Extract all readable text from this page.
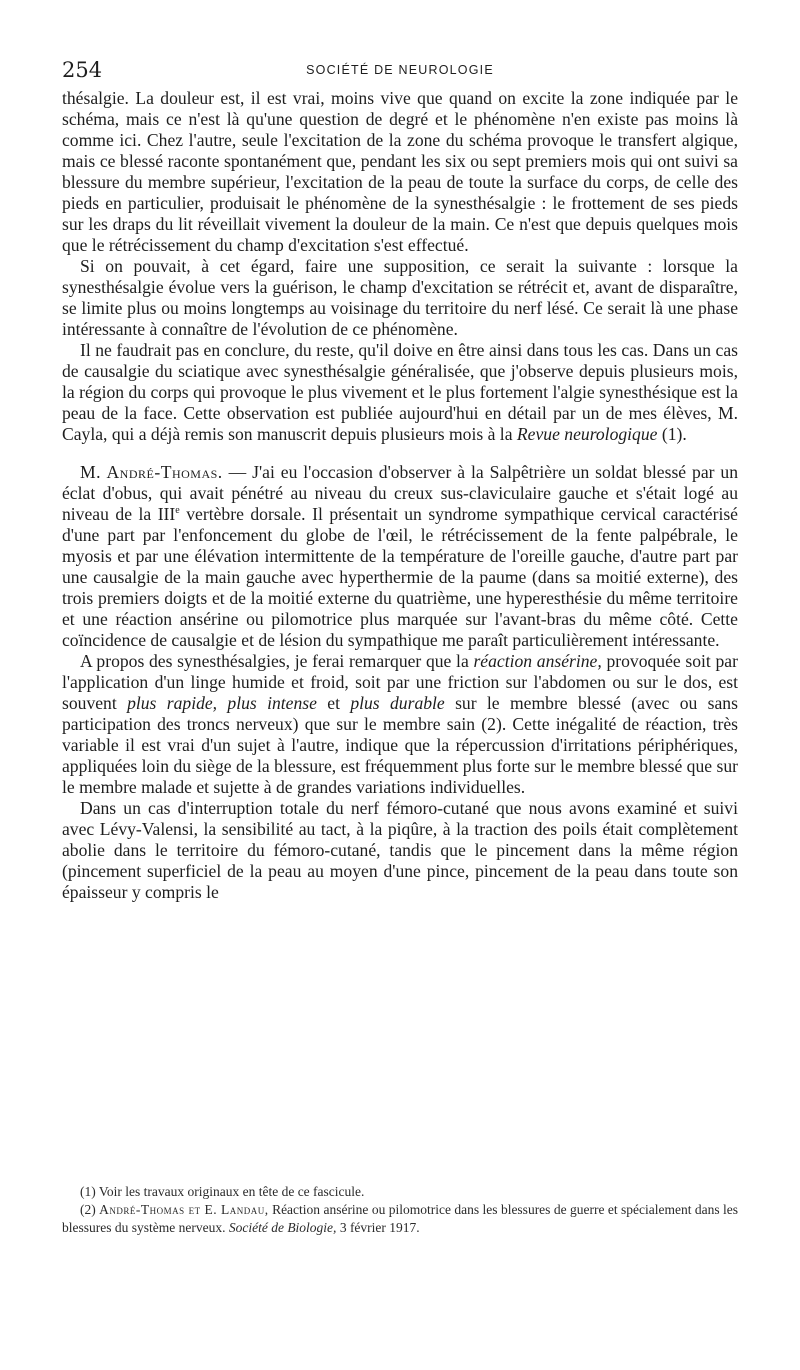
254	SOCIÉTÉ DE NEUROLOGIE

thésalgie. La douleur est, il est vrai, moins vive que quand on excite la zone indiquée par le schéma, mais ce n'est là qu'une question de degré et le phénomène n'en existe pas moins là comme ici. Chez l'autre, seule l'excitation de la zone du schéma provoque le transfert algique, mais ce blessé raconte spontanément que, pendant les six ou sept premiers mois qui ont suivi sa blessure du membre supérieur, l'excitation de la peau de toute la surface du corps, de celle des pieds en particulier, produisait le phénomène de la synesthésalgie : le frottement de ses pieds sur les draps du lit réveillait vivement la douleur de la main. Ce n'est que depuis quelques mois que le rétrécissement du champ d'excitation s'est effectué.

Si on pouvait, à cet égard, faire une supposition, ce serait la suivante : lorsque la synesthésalgie évolue vers la guérison, le champ d'excitation se rétrécit et, avant de disparaître, se limite plus ou moins longtemps au voisinage du territoire du nerf lésé. Ce serait là une phase intéressante à connaître de l'évolution de ce phénomène.

Il ne faudrait pas en conclure, du reste, qu'il doive en être ainsi dans tous les cas. Dans un cas de causalgie du sciatique avec synesthésalgie généralisée, que j'observe depuis plusieurs mois, la région du corps qui provoque le plus vivement et le plus fortement l'algie synesthésique est la peau de la face. Cette observation est publiée aujourd'hui en détail par un de mes élèves, M. Cayla, qui a déjà remis son manuscrit depuis plusieurs mois à la Revue neurologique (1).

M. André-Thomas. — J'ai eu l'occasion d'observer à la Salpêtrière un soldat blessé par un éclat d'obus, qui avait pénétré au niveau du creux sus-claviculaire gauche et s'était logé au niveau de la IIIe vertèbre dorsale. Il présentait un syndrome sympathique cervical caractérisé d'une part par l'enfoncement du globe de l'œil, le rétrécissement de la fente palpébrale, le myosis et par une élévation intermittente de la température de l'oreille gauche, d'autre part par une causalgie de la main gauche avec hyperthermie de la paume (dans sa moitié externe), des trois premiers doigts et de la moitié externe du quatrième, une hyperesthésie du même territoire et une réaction ansérine ou pilomotrice plus marquée sur l'avant-bras du même côté. Cette coïncidence de causalgie et de lésion du sympathique me paraît particulièrement intéressante.

A propos des synesthésalgies, je ferai remarquer que la réaction ansérine, provoquée soit par l'application d'un linge humide et froid, soit par une friction sur l'abdomen ou sur le dos, est souvent plus rapide, plus intense et plus durable sur le membre blessé (avec ou sans participation des troncs nerveux) que sur le membre sain (2). Cette inégalité de réaction, très variable il est vrai d'un sujet à l'autre, indique que la répercussion d'irritations périphériques, appliquées loin du siège de la blessure, est fréquemment plus forte sur le membre blessé que sur le membre malade et sujette à de grandes variations individuelles.

Dans un cas d'interruption totale du nerf fémoro-cutané que nous avons examiné et suivi avec Lévy-Valensi, la sensibilité au tact, à la piqûre, à la traction des poils était complètement abolie dans le territoire du fémoro-cutané, tandis que le pincement dans la même région (pincement superficiel de la peau au moyen d'une pince, pincement de la peau dans toute son épaisseur y compris le

(1) Voir les travaux originaux en tête de ce fascicule.

(2) André-Thomas et E. Landau, Réaction ansérine ou pilomotrice dans les blessures de guerre et spécialement dans les blessures du système nerveux. Société de Biologie, 3 février 1917.
